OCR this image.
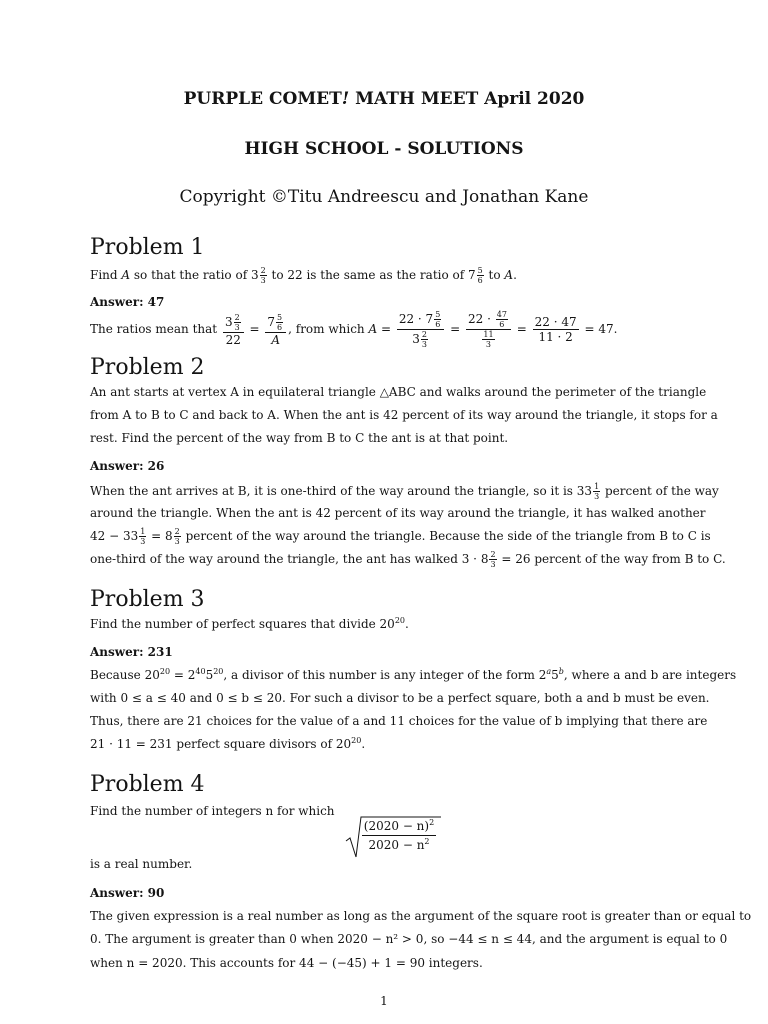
PURPLE COMET! MATH MEET April 2020
HIGH SCHOOL - SOLUTIONS
Copyright ©Titu Andreescu and Jonathan Kane
Problem 1
Find A so that the ratio of $3 \frac{2}{3}$ to 22 is the same as the ratio of $7 \frac{5}{6}$ to A.
Answer: 47
The ratios mean that $\frac{3 \frac{2}{3}}{22} = \frac{7 \frac{5}{6}}{A}$ , from which $A = \frac{22 \cdot 7 \frac{5}{6}}{3 \frac{2}{3}} = \frac{22 \cdot \frac{47}{6}}{\frac{11}{3}} = \frac{22 \cdot 47}{11 \cdot 2} = 47$.
Problem 2
An ant starts at vertex A in equilateral triangle △ABC and walks around the perimeter of the triangle
from A to B to C and back to A. When the ant is 42 percent of its way around the triangle, it stops for a
rest. Find the percent of the way from B to C the ant is at that point.
Answer: 26
When the ant arrives at B, it is one-third of the way around the triangle, so it is $33 \frac{1}{3}$ percent of the way
around the triangle. When the ant is 42 percent of its way around the triangle, it has walked another
$42 - 33 \frac{1}{3} = 8 \frac{2}{3}$ percent of the way around the triangle. Because the side of the triangle from B to C is
one-third of the way around the triangle, the ant has walked $3 \cdot 8 \frac{2}{3} = 26$ percent of the way from B to C.
Problem 3
Find the number of perfect squares that divide $20^{20}$.
Answer: 231
Because $20^{20} = 2^{40}5^{20}$, a divisor of this number is any integer of the form 2$^a$5$^b$, where a and b are integers
with 0 ≤ a ≤ 40 and 0 ≤ b ≤ 20. For such a divisor to be a perfect square, both a and b must be even.
Thus, there are 21 choices for the value of a and 11 choices for the value of b implying that there are
21 · 11 = 231 perfect square divisors of $20^{20}$.
Problem 4
Find the number of integers n for which
$\frac{(2020 - n)^2}{2020 - n^2}$
is a real number.
Answer: 90
The given expression is a real number as long as the argument of the square root is greater than or equal to
0. The argument is greater than 0 when 2020 − n² > 0, so −44 ≤ n ≤ 44, and the argument is equal to 0
when n = 2020. This accounts for 44 − (−45) + 1 = 90 integers.
1
